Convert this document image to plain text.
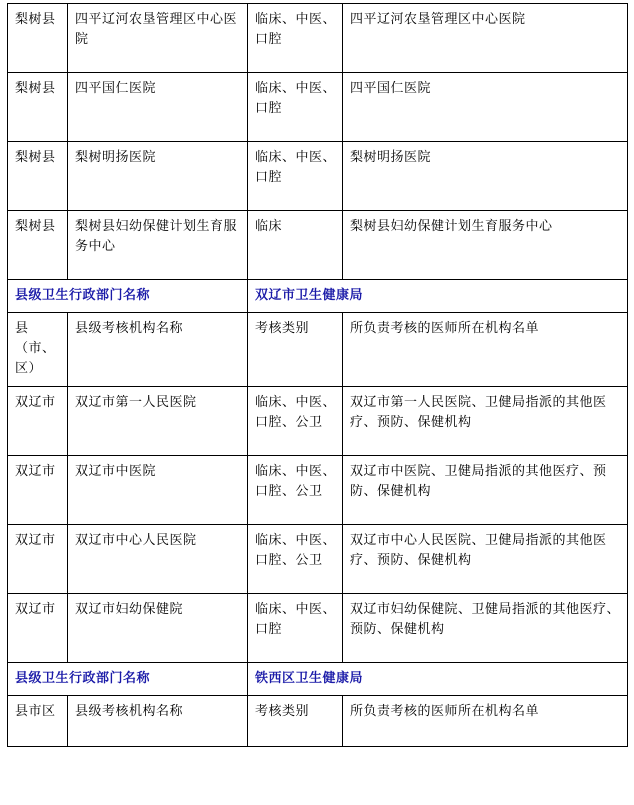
梨树县	四平辽河农垦管理区中心医院	临床、中医、口腔	四平辽河农垦管理区中心医院
梨树县	四平国仁医院	临床、中医、口腔	四平国仁医院
梨树县	梨树明扬医院	临床、中医、口腔	梨树明扬医院
梨树县	梨树县妇幼保健计划生育服务中心	临床	梨树县妇幼保健计划生育服务中心
县级卫生行政部门名称		双辽市卫生健康局	
县（市、区）	县级考核机构名称	考核类别	所负责考核的医师所在机构名单
双辽市	双辽市第一人民医院	临床、中医、口腔、公卫	双辽市第一人民医院、卫健局指派的其他医疗、预防、保健机构
双辽市	双辽市中医院	临床、中医、口腔、公卫	双辽市中医院、卫健局指派的其他医疗、预防、保健机构
双辽市	双辽市中心人民医院	临床、中医、口腔、公卫	双辽市中心人民医院、卫健局指派的其他医疗、预防、保健机构
双辽市	双辽市妇幼保健院	临床、中医、口腔	双辽市妇幼保健院、卫健局指派的其他医疗、预防、保健机构
县级卫生行政部门名称		铁西区卫生健康局	
县市区	县级考核机构名称	考核类别	所负责考核的医师所在机构名单
